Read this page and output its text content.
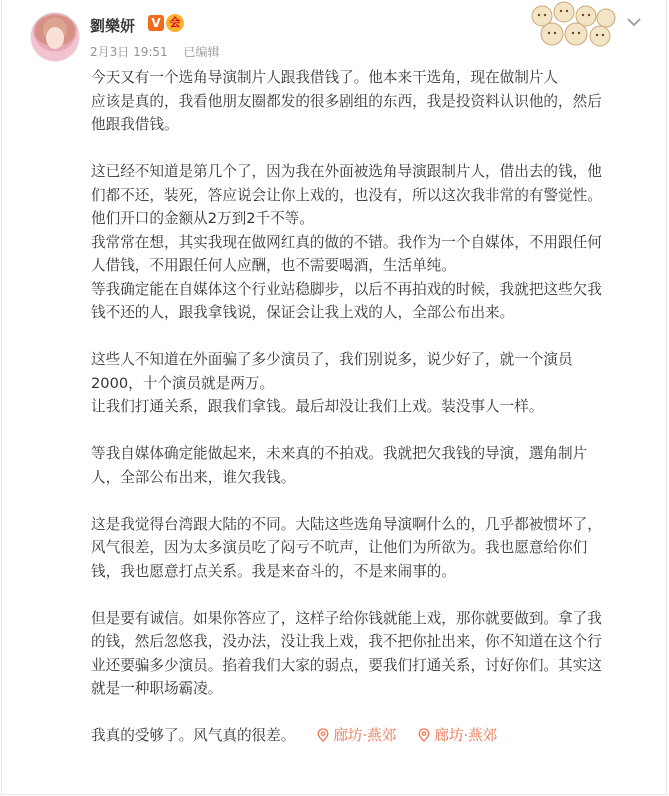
劉樂妍 V 会
2月3日 19:51 已编辑

今天又有一个选角导演制片人跟我借钱了。他本来干选角，现在做制片人
应该是真的，我看他朋友圈都发的很多剧组的东西，我是投资料认识他的，然后
他跟我借钱。

这已经不知道是第几个了，因为我在外面被选角导演跟制片人，借出去的钱，他
们都不还，装死，答应说会让你上戏的，也没有，所以这次我非常的有警觉性。
他们开口的金额从2万到2千不等。
我常常在想，其实我现在做网红真的做的不错。我作为一个自媒体，不用跟任何
人借钱，不用跟任何人应酬，也不需要喝酒，生活单纯。
等我确定能在自媒体这个行业站稳脚步，以后不再拍戏的时候，我就把这些欠我
钱不还的人，跟我拿钱说，保证会让我上戏的人，全部公布出来。

这些人不知道在外面骗了多少演员了，我们别说多，说少好了，就一个演员
2000，十个演员就是两万。
让我们打通关系，跟我们拿钱。最后却没让我们上戏。装没事人一样。

等我自媒体确定能做起来，未来真的不拍戏。我就把欠我钱的导演，選角制片
人，全部公布出来，谁欠我钱。

这是我觉得台湾跟大陆的不同。大陆这些选角导演啊什么的，几乎都被惯坏了，
风气很差，因为太多演员吃了闷亏不吭声，让他们为所欲为。我也愿意给你们
钱，我也愿意打点关系。我是来奋斗的，不是来闹事的。

但是要有诚信。如果你答应了，这样子给你钱就能上戏，那你就要做到。拿了我
的钱，然后忽悠我，没办法，没让我上戏，我不把你扯出来，你不知道在这个行
业还要骗多少演员。掐着我们大家的弱点，要我们打通关系，讨好你们。其实这
就是一种职场霸凌。

我真的受够了。风气真的很差。	廊坊·燕郊	廊坊·燕郊
